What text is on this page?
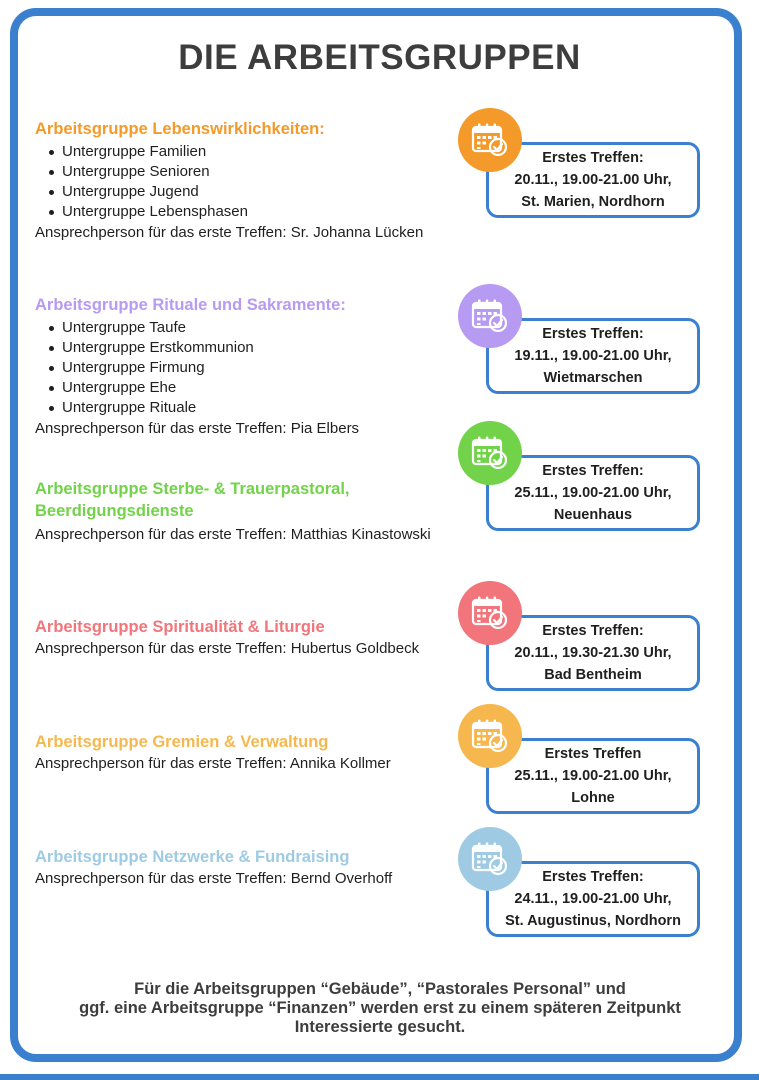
DIE ARBEITSGRUPPEN
Arbeitsgruppe Lebenswirklichkeiten:
Untergruppe Familien
Untergruppe Senioren
Untergruppe Jugend
Untergruppe Lebensphasen
Ansprechperson für das erste Treffen: Sr. Johanna Lücken
Erstes Treffen:
20.11., 19.00-21.00 Uhr,
St. Marien, Nordhorn
Arbeitsgruppe Rituale und Sakramente:
Untergruppe Taufe
Untergruppe Erstkommunion
Untergruppe Firmung
Untergruppe Ehe
Untergruppe Rituale
Ansprechperson für das erste Treffen: Pia Elbers
Erstes Treffen:
19.11., 19.00-21.00 Uhr,
Wietmarschen
Arbeitsgruppe Sterbe- & Trauerpastoral,
Beerdigungsdienste
Ansprechperson für das erste Treffen: Matthias Kinastowski
Erstes Treffen:
25.11., 19.00-21.00 Uhr,
Neuenhaus
Arbeitsgruppe Spiritualität & Liturgie
Ansprechperson für das erste Treffen: Hubertus Goldbeck
Erstes Treffen:
20.11., 19.30-21.30 Uhr,
Bad Bentheim
Arbeitsgruppe Gremien & Verwaltung
Ansprechperson für das erste Treffen: Annika Kollmer
Erstes Treffen
25.11., 19.00-21.00 Uhr,
Lohne
Arbeitsgruppe Netzwerke & Fundraising
Ansprechperson für das erste Treffen: Bernd Overhoff	Erstes Treffen:
24.11., 19.00-21.00 Uhr,
St. Augustinus, Nordhorn
Für die Arbeitsgruppen “Gebäude”, “Pastorales Personal” und
ggf. eine Arbeitsgruppe “Finanzen” werden erst zu einem späteren Zeitpunkt
Interessierte gesucht.
